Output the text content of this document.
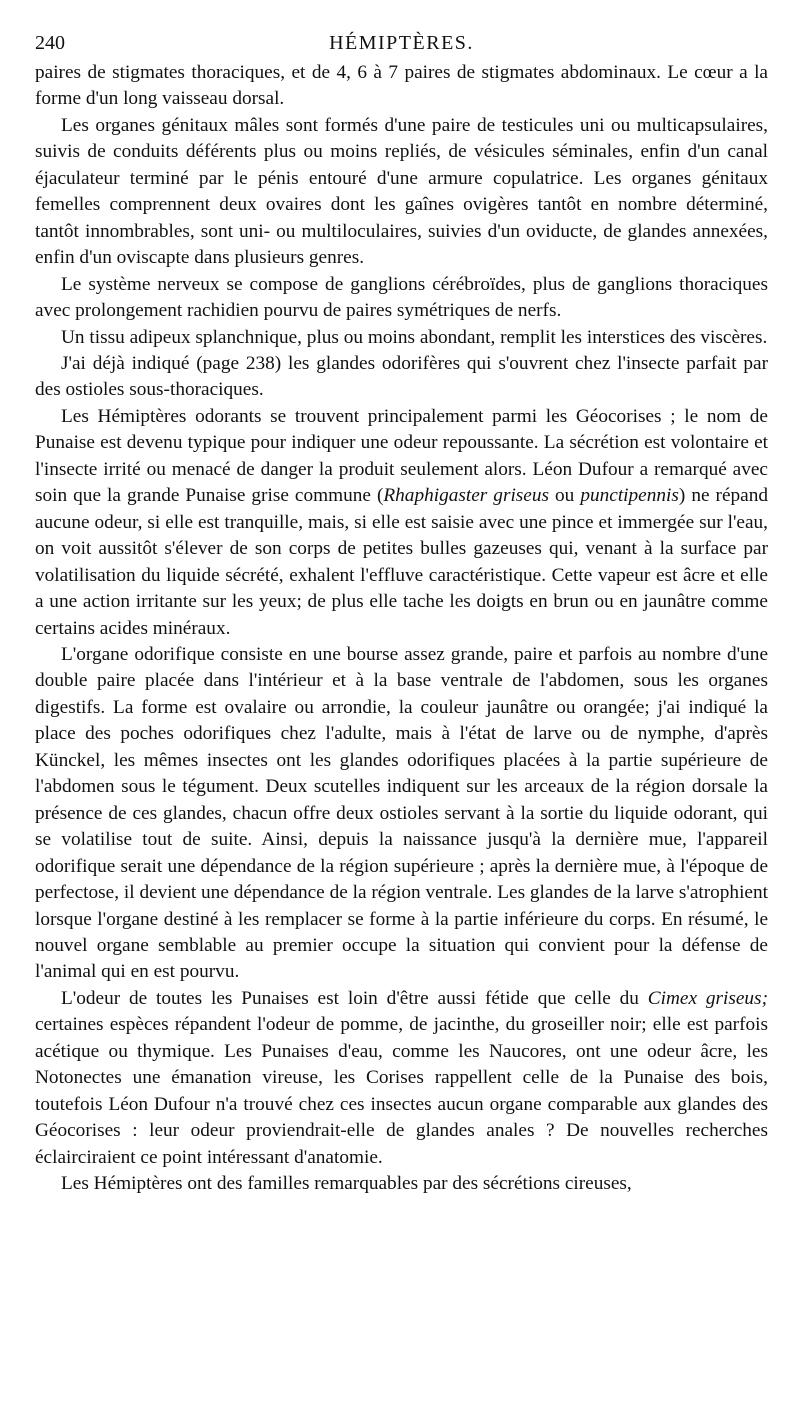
240	HÉMIPTÈRES.

paires de stigmates thoraciques, et de 4, 6 à 7 paires de stigmates abdominaux. Le cœur a la forme d'un long vaisseau dorsal.

Les organes génitaux mâles sont formés d'une paire de testicules uni ou multicapsulaires, suivis de conduits déférents plus ou moins repliés, de vésicules séminales, enfin d'un canal éjaculateur terminé par le pénis entouré d'une armure copulatrice. Les organes génitaux femelles comprennent deux ovaires dont les gaînes ovigères tantôt en nombre déterminé, tantôt innombrables, sont uni- ou multiloculaires, suivies d'un oviducte, de glandes annexées, enfin d'un oviscapte dans plusieurs genres.

Le système nerveux se compose de ganglions cérébroïdes, plus de ganglions thoraciques avec prolongement rachidien pourvu de paires symétriques de nerfs.

Un tissu adipeux splanchnique, plus ou moins abondant, remplit les interstices des viscères.

J'ai déjà indiqué (page 238) les glandes odorifères qui s'ouvrent chez l'insecte parfait par des ostioles sous-thoraciques.

Les Hémiptères odorants se trouvent principalement parmi les Géocorises ; le nom de Punaise est devenu typique pour indiquer une odeur repoussante. La sécrétion est volontaire et l'insecte irrité ou menacé de danger la produit seulement alors. Léon Dufour a remarqué avec soin que la grande Punaise grise commune (Rhaphigaster griseus ou punctipennis) ne répand aucune odeur, si elle est tranquille, mais, si elle est saisie avec une pince et immergée sur l'eau, on voit aussitôt s'élever de son corps de petites bulles gazeuses qui, venant à la surface par volatilisation du liquide sécrété, exhalent l'effluve caractéristique. Cette vapeur est âcre et elle a une action irritante sur les yeux; de plus elle tache les doigts en brun ou en jaunâtre comme certains acides minéraux.

L'organe odorifique consiste en une bourse assez grande, paire et parfois au nombre d'une double paire placée dans l'intérieur et à la base ventrale de l'abdomen, sous les organes digestifs. La forme est ovalaire ou arrondie, la couleur jaunâtre ou orangée; j'ai indiqué la place des poches odorifiques chez l'adulte, mais à l'état de larve ou de nymphe, d'après Künckel, les mêmes insectes ont les glandes odorifiques placées à la partie supérieure de l'abdomen sous le tégument. Deux scutelles indiquent sur les arceaux de la région dorsale la présence de ces glandes, chacun offre deux ostioles servant à la sortie du liquide odorant, qui se volatilise tout de suite. Ainsi, depuis la naissance jusqu'à la dernière mue, l'appareil odorifique serait une dépendance de la région supérieure ; après la dernière mue, à l'époque de perfectose, il devient une dépendance de la région ventrale. Les glandes de la larve s'atrophient lorsque l'organe destiné à les remplacer se forme à la partie inférieure du corps. En résumé, le nouvel organe semblable au premier occupe la situation qui convient pour la défense de l'animal qui en est pourvu.

L'odeur de toutes les Punaises est loin d'être aussi fétide que celle du Cimex griseus; certaines espèces répandent l'odeur de pomme, de jacinthe, du groseiller noir; elle est parfois acétique ou thymique. Les Punaises d'eau, comme les Naucores, ont une odeur âcre, les Notonectes une émanation vireuse, les Corises rappellent celle de la Punaise des bois, toutefois Léon Dufour n'a trouvé chez ces insectes aucun organe comparable aux glandes des Géocorises : leur odeur proviendrait-elle de glandes anales ? De nouvelles recherches éclairciraient ce point intéressant d'anatomie.

Les Hémiptères ont des familles remarquables par des sécrétions cireuses,
